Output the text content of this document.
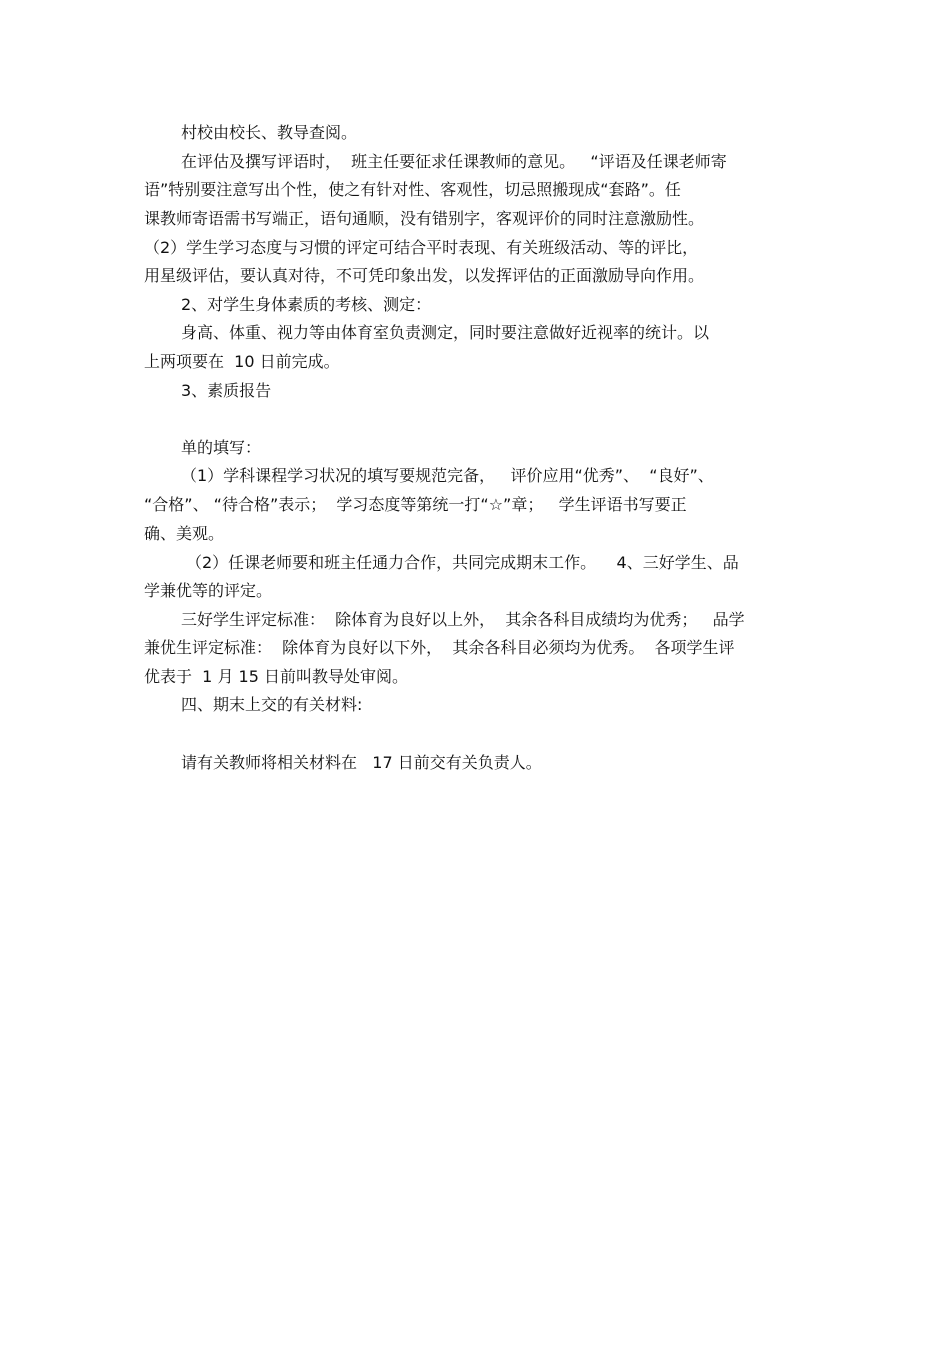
村校由校长、教导查阅。
在评估及撰写评语时，  班主任要征求任课教师的意见。   “评语及任课老师寄
语”特别要注意写出个性，使之有针对性、客观性，切忌照搬现成“套路”。任
课教师寄语需书写端正，语句通顺，没有错别字，客观评价的同时注意激励性。
（2）学生学习态度与习惯的评定可结合平时表现、有关班级活动、等的评比，
用星级评估，要认真对待，不可凭印象出发，以发挥评估的正面激励导向作用。
2、对学生身体素质的考核、测定：
身高、体重、视力等由体育室负责测定，同时要注意做好近视率的统计。以
上两项要在  10 日前完成。
3、素质报告
单的填写：
（1）学科课程学习状况的填写要规范完备，   评价应用“优秀”、  “良好”、
“合格”、 “待合格”表示；  学习态度等第统一打“☆”章；   学生评语书写要正
确、美观。
（2）任课老师要和班主任通力合作，共同完成期末工作。    4、三好学生、品
学兼优等的评定。
三好学生评定标准：  除体育为良好以上外，  其余各科目成绩均为优秀；   品学
兼优生评定标准：  除体育为良好以下外，  其余各科目必须均为优秀。  各项学生评
优表于  1 月 15 日前叫教导处审阅。
四、期末上交的有关材料:
请有关教师将相关材料在   17 日前交有关负责人。
